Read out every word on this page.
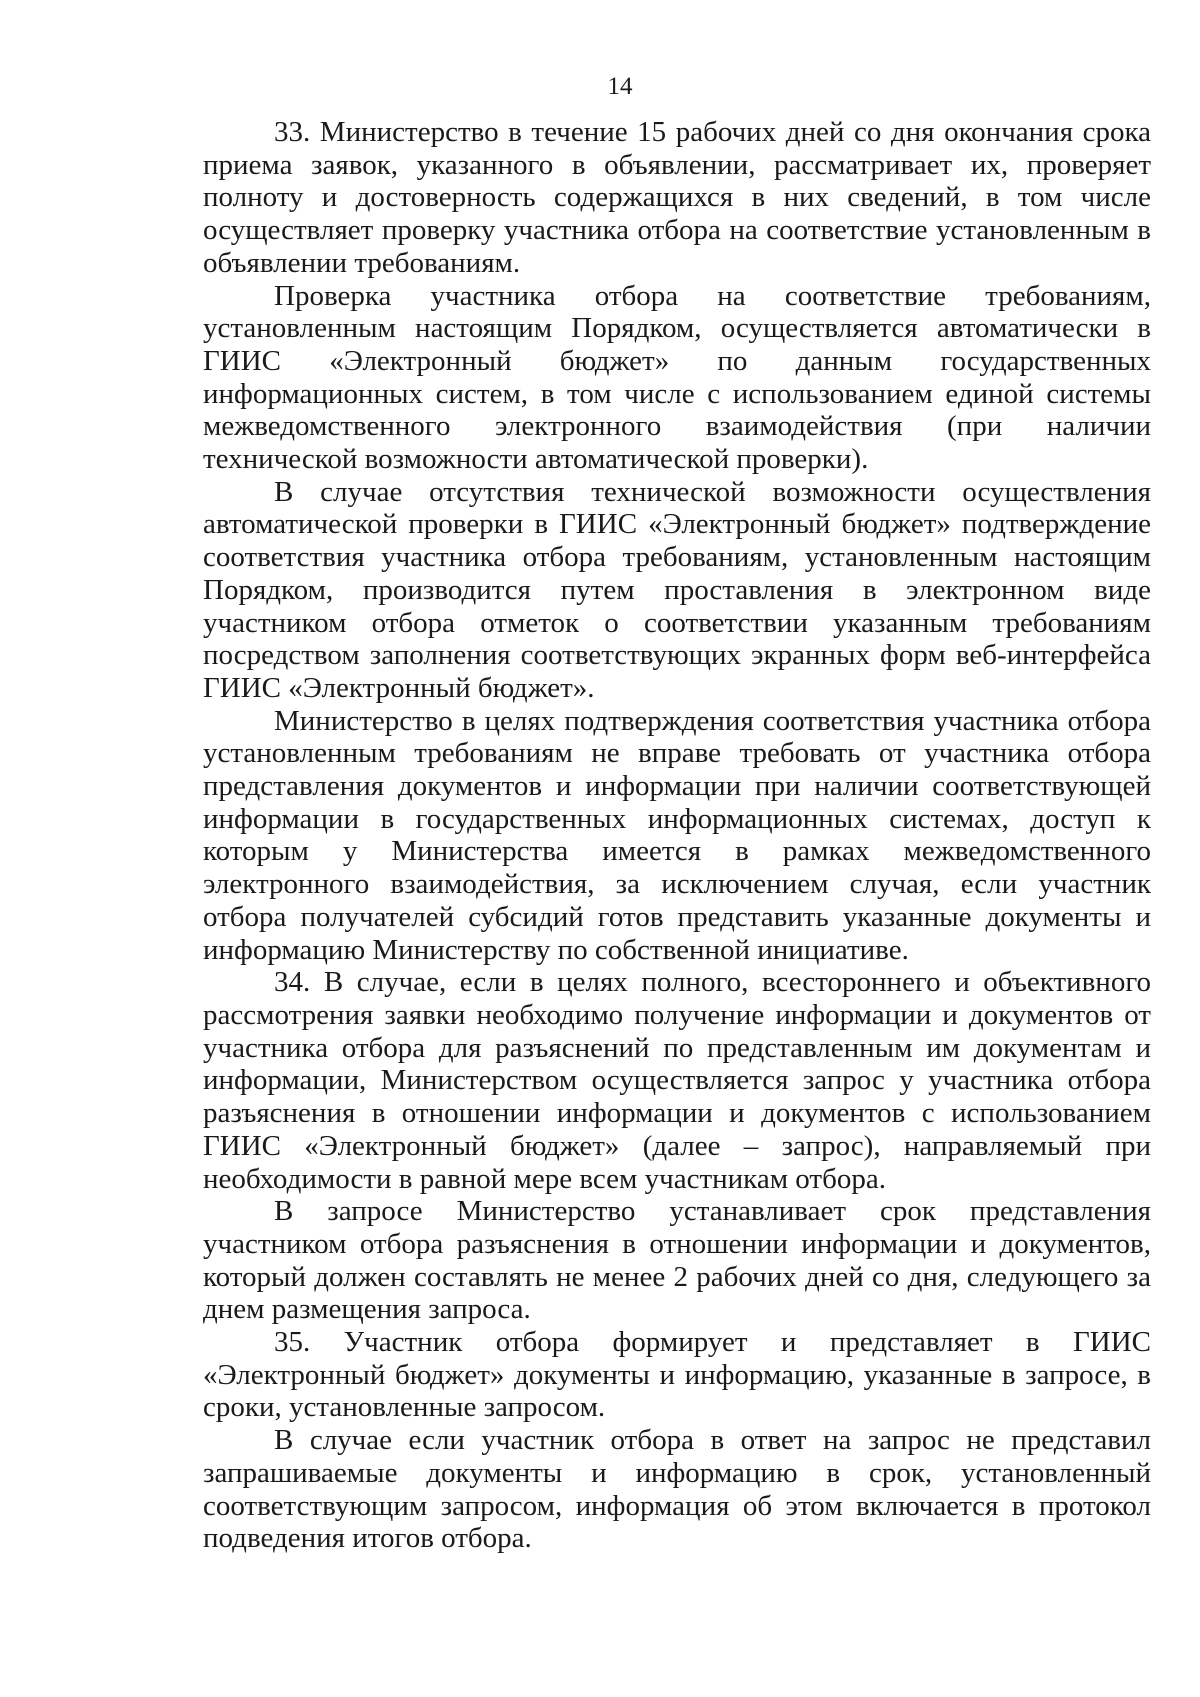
14

33. Министерство в течение 15 рабочих дней со дня окончания срока приема заявок, указанного в объявлении, рассматривает их, проверяет полноту и достоверность содержащихся в них сведений, в том числе осуществляет проверку участника отбора на соответствие установленным в объявлении требованиям.

Проверка участника отбора на соответствие требованиям, установленным настоящим Порядком, осуществляется автоматически в ГИИС «Электронный бюджет» по данным государственных информационных систем, в том числе с использованием единой системы межведомственного электронного взаимодействия (при наличии технической возможности автоматической проверки).

В случае отсутствия технической возможности осуществления автоматической проверки в ГИИС «Электронный бюджет» подтверждение соответствия участника отбора требованиям, установленным настоящим Порядком, производится путем проставления в электронном виде участником отбора отметок о соответствии указанным требованиям посредством заполнения соответствующих экранных форм веб-интерфейса ГИИС «Электронный бюджет».

Министерство в целях подтверждения соответствия участника отбора установленным требованиям не вправе требовать от участника отбора представления документов и информации при наличии соответствующей информации в государственных информационных системах, доступ к которым у Министерства имеется в рамках межведомственного электронного взаимодействия, за исключением случая, если участник отбора получателей субсидий готов представить указанные документы и информацию Министерству по собственной инициативе.

34. В случае, если в целях полного, всестороннего и объективного рассмотрения заявки необходимо получение информации и документов от участника отбора для разъяснений по представленным им документам и информации, Министерством осуществляется запрос у участника отбора разъяснения в отношении информации и документов с использованием ГИИС «Электронный бюджет» (далее – запрос), направляемый при необходимости в равной мере всем участникам отбора.

В запросе Министерство устанавливает срок представления участником отбора разъяснения в отношении информации и документов, который должен составлять не менее 2 рабочих дней со дня, следующего за днем размещения запроса.

35. Участник отбора формирует и представляет в ГИИС «Электронный бюджет» документы и информацию, указанные в запросе, в сроки, установленные запросом.

В случае если участник отбора в ответ на запрос не представил запрашиваемые документы и информацию в срок, установленный соответствующим запросом, информация об этом включается в протокол подведения итогов отбора.
